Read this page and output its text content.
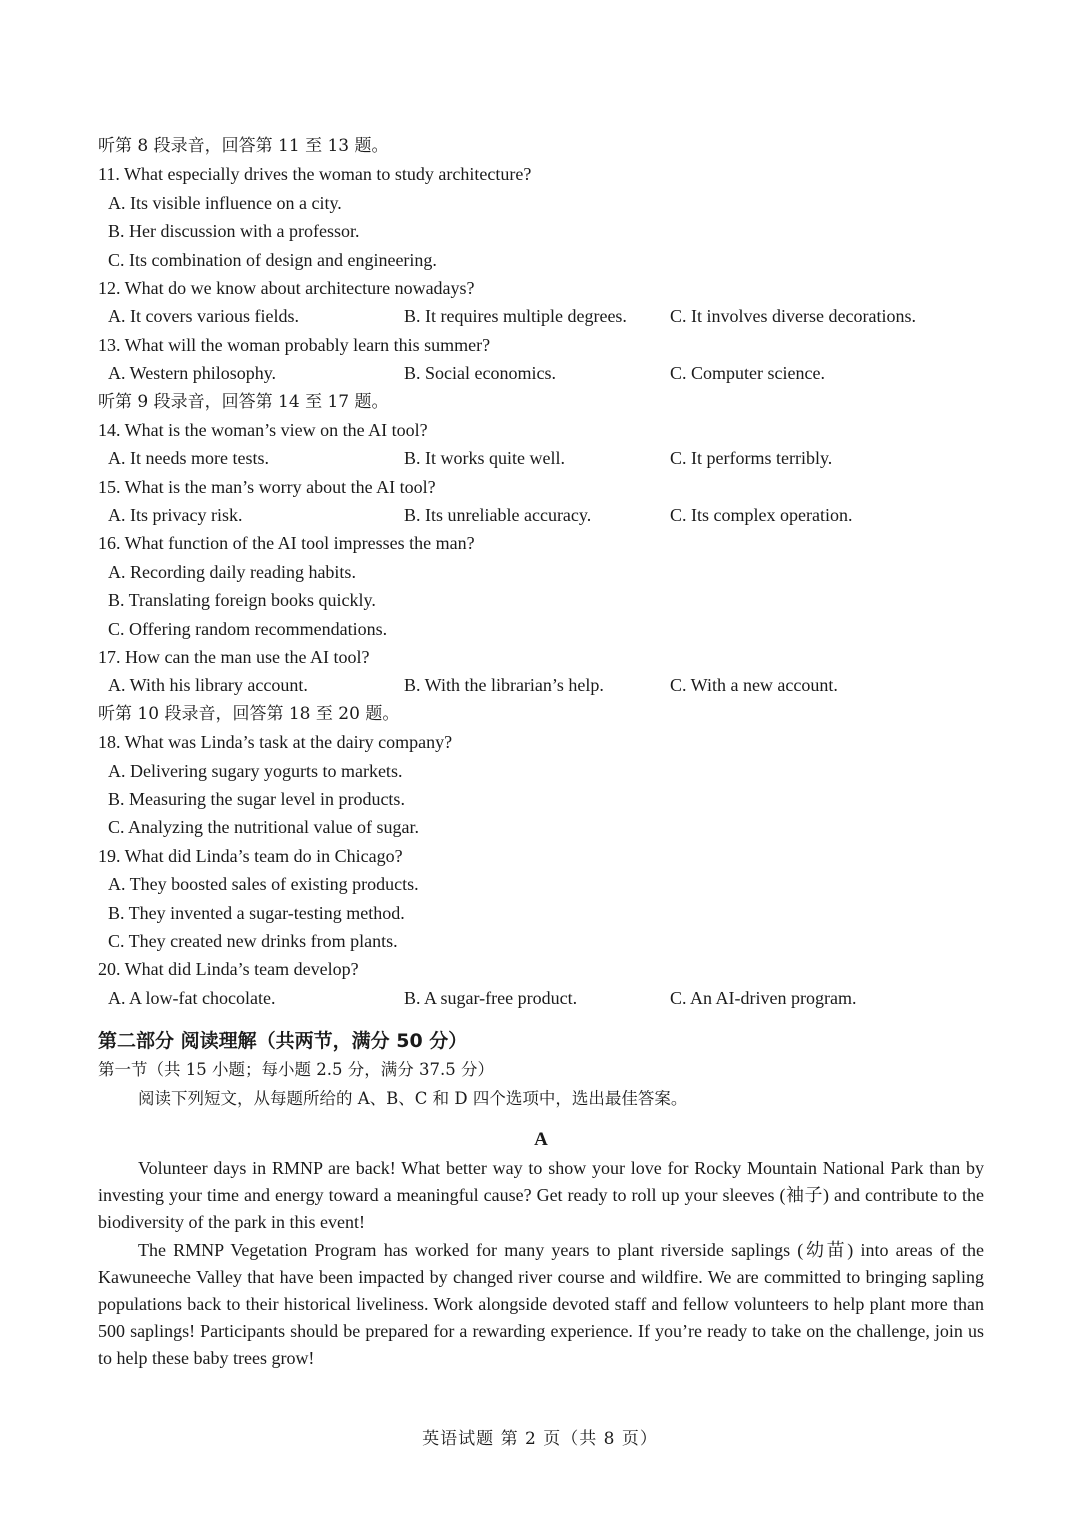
听第 8 段录音，回答第 11 至 13 题。
11. What especially drives the woman to study architecture?
A. Its visible influence on a city.
B. Her discussion with a professor.
C. Its combination of design and engineering.
12. What do we know about architecture nowadays?
A. It covers various fields.	B. It requires multiple degrees. C. It involves diverse decorations.
13. What will the woman probably learn this summer?
A. Western philosophy.	B. Social economics.	C. Computer science.
听第 9 段录音，回答第 14 至 17 题。
14. What is the woman’s view on the AI tool?
A. It needs more tests.	B. It works quite well.	C. It performs terribly.
15. What is the man’s worry about the AI tool?
A. Its privacy risk.	B. Its unreliable accuracy.	C. Its complex operation.
16. What function of the AI tool impresses the man?
A. Recording daily reading habits.
B. Translating foreign books quickly.
C. Offering random recommendations.
17. How can the man use the AI tool?
A. With his library account.	B. With the librarian’s help.	C. With a new account.
听第 10 段录音，回答第 18 至 20 题。
18. What was Linda’s task at the dairy company?
A. Delivering sugary yogurts to markets.
B. Measuring the sugar level in products.
C. Analyzing the nutritional value of sugar.
19. What did Linda’s team do in Chicago?
A. They boosted sales of existing products.
B. They invented a sugar-testing method.
C. They created new drinks from plants.
20. What did Linda’s team develop?
A. A low-fat chocolate.	B. A sugar-free product.	C. An AI-driven program.
第二部分 阅读理解（共两节，满分 50 分）
第一节（共 15 小题；每小题 2.5 分，满分 37.5 分）
阅读下列短文，从每题所给的 A、B、C 和 D 四个选项中，选出最佳答案。
A

Volunteer days in RMNP are back! What better way to show your love for Rocky Mountain National Park than by investing your time and energy toward a meaningful cause? Get ready to roll up your sleeves (袖子) and contribute to the biodiversity of the park in this event!

The RMNP Vegetation Program has worked for many years to plant riverside saplings (幼苗) into areas of the Kawuneeche Valley that have been impacted by changed river course and wildfire. We are committed to bringing sapling populations back to their historical liveliness. Work alongside devoted staff and fellow volunteers to help plant more than 500 saplings! Participants should be prepared for a rewarding experience. If you’re ready to take on the challenge, join us to help these baby trees grow!

英语试题 第 2 页（共 8 页）
